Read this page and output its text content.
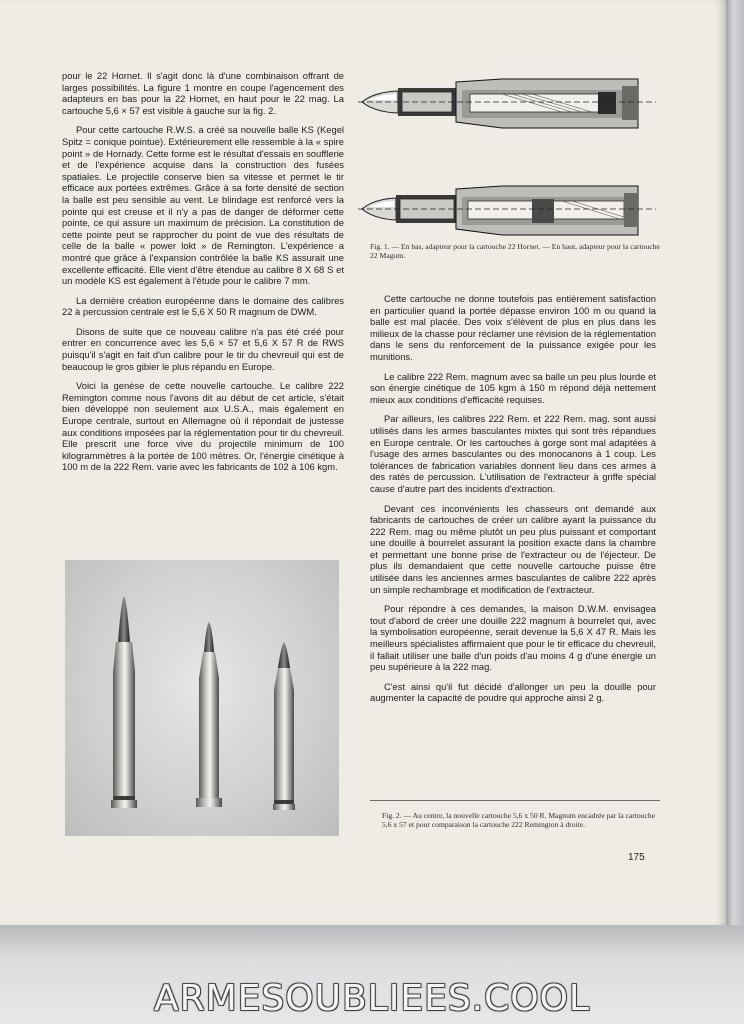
pour le 22 Hornet. Il s'agit donc là d'une combinaison offrant de larges possibilités. La figure 1 montre en coupe l'agencement des adapteurs en bas pour la 22 Hornet, en haut pour le 22 mag. La cartouche 5,6 × 57 est visible à gauche sur la fig. 2.

Pour cette cartouche R.W.S. a créé sa nouvelle balle KS (Kegel Spitz = conique pointue). Extérieurement elle ressemble à la « spire point » de Hornady. Cette forme est le résultat d'essais en soufflerie et de l'expérience acquise dans la construction des fusées spatiales. Le projectile conserve bien sa vitesse et permet le tir efficace aux portées extrêmes. Grâce à sa forte densité de section la balle est peu sensible au vent. Le blindage est renforcé vers la pointe qui est creuse et il n'y a pas de danger de déformer cette pointe, ce qui assure un maximum de précision. La constitution de cette pointe peut se rapprocher du point de vue des résultats de celle de la balle « power lokt » de Remington. L'expérience a montré que grâce à l'expansion contrôlée la balle KS assurait une excellente efficacité. Elle vient d'être étendue au calibre 8 X 68 S et un modèle KS est également à l'étude pour le calibre 7 mm.

La dernière création européenne dans le domaine des calibres 22 à percussion centrale est le 5,6 X 50 R magnum de DWM.

Disons de suite que ce nouveau calibre n'a pas été créé pour entrer en concurrence avec les 5,6 × 57 et 5,6 X 57 R de RWS puisqu'il s'agit en fait d'un calibre pour le tir du chevreuil qui est de beaucoup le gros gibier le plus répandu en Europe.

Voici la genèse de cette nouvelle cartouche. Le calibre 222 Remington comme nous l'avons dit au début de cet article, s'était bien développé non seulement aux U.S.A., mais également en Europe centrale, surtout en Allemagne où il répondait de justesse aux conditions imposées par la réglementation pour tir du chevreuil. Elle prescrit une force vive du projectile minimum de 100 kilogrammètres à la portée de 100 mètres. Or, l'énergie cinétique à 100 m de la 222 Rem. varie avec les fabricants de 102 à 106 kgm.

Fig. 1. — En bas, adapteur pour la cartouche 22 Hornet. — En haut, adapteur pour la cartouche 22 Magum.

Cette cartouche ne donne toutefois pas entièrement satisfaction en particulier quand la portée dépasse environ 100 m ou quand la balle est mal placée. Des voix s'élèvent de plus en plus dans les milieux de la chasse pour réclamer une révision de la réglementation dans le sens du renforcement de la puissance exigée pour les munitions.

Le calibre 222 Rem. magnum avec sa balle un peu plus lourde et son énergie cinétique de 105 kgm à 150 m répond déjà nettement mieux aux conditions d'efficacité requises.

Par ailleurs, les calibres 222 Rem. et 222 Rem. mag. sont aussi utilisés dans les armes basculantes mixtes qui sont très répandues en Europe centrale. Or les cartouches à gorge sont mal adaptées à l'usage des armes basculantes ou des monocanons à 1 coup. Les tolérances de fabrication variables donnent lieu dans ces armes à des ratés de percussion. L'utilisation de l'extracteur à griffe spécial cause d'autre part des incidents d'extraction.

Devant ces inconvénients les chasseurs ont demandé aux fabricants de cartouches de créer un calibre ayant la puissance du 222 Rem. mag ou même plutôt un peu plus puissant et comportant une douille à bourrelet assurant la position exacte dans la chambre et permettant une bonne prise de l'extracteur ou de l'éjecteur. De plus ils demandaient que cette nouvelle cartouche puisse être utilisée dans les anciennes armes basculantes de calibre 222 après un simple rechambrage et modification de l'extracteur.

Pour répondre à ces demandes, la maison D.W.M. envisagea tout d'abord de créer une douille 222 magnum à bourrelet qui, avec la symbolisation européenne, serait devenue la 5,6 X 47 R. Mais les meilleurs spécialistes affirmaient que pour le tir efficace du chevreuil, il fallait utiliser une balle d'un poids d'au moins 4 g d'une énergie un peu supérieure à la 222 mag.

C'est ainsi qu'il fut décidé d'allonger un peu la douille pour augmenter la capacité de poudre qui approche ainsi 2 g.

Fig. 2. — Au centre, la nouvelle cartouche 5,6 x 50 R. Magnum encadrée par la cartouche 5,6 x 57 et pour comparaison la cartouche 222 Remington à droite.
175
ARMESOUBLIEES.COOL
